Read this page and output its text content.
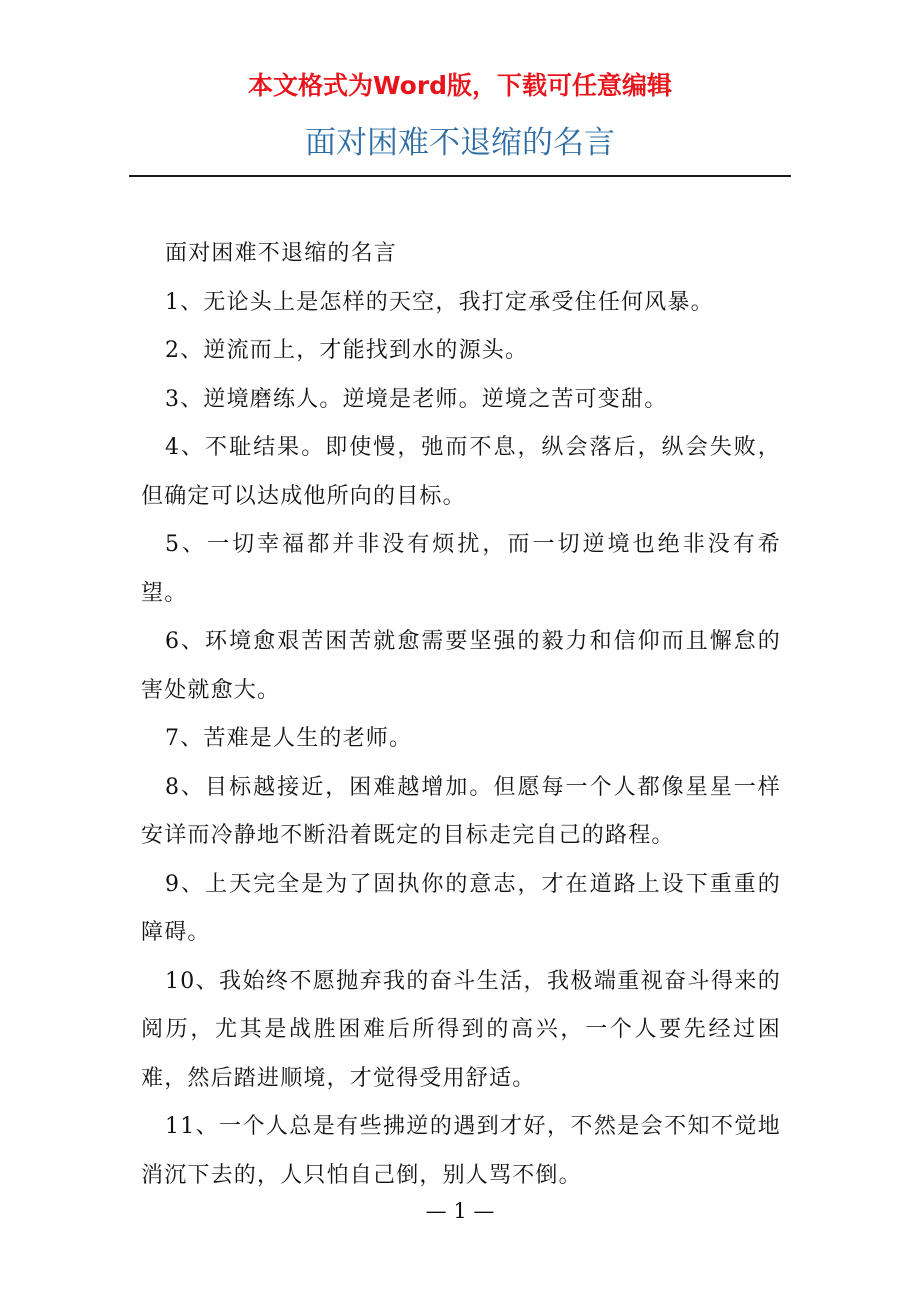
本文格式为Word版，下载可任意编辑
面对困难不退缩的名言

面对困难不退缩的名言

1、无论头上是怎样的天空，我打定承受住任何风暴。

2、逆流而上，才能找到水的源头。

3、逆境磨练人。逆境是老师。逆境之苦可变甜。

4、不耻结果。即使慢，弛而不息，纵会落后，纵会失败，但确定可以达成他所向的目标。

5、一切幸福都并非没有烦扰，而一切逆境也绝非没有希望。

6、环境愈艰苦困苦就愈需要坚强的毅力和信仰而且懈怠的害处就愈大。

7、苦难是人生的老师。

8、目标越接近，困难越增加。但愿每一个人都像星星一样安详而冷静地不断沿着既定的目标走完自己的路程。

9、上天完全是为了固执你的意志，才在道路上设下重重的障碍。

10、我始终不愿抛弃我的奋斗生活，我极端重视奋斗得来的阅历，尤其是战胜困难后所得到的高兴，一个人要先经过困难，然后踏进顺境，才觉得受用舒适。

11、一个人总是有些拂逆的遇到才好，不然是会不知不觉地消沉下去的，人只怕自己倒，别人骂不倒。

— 1 —
